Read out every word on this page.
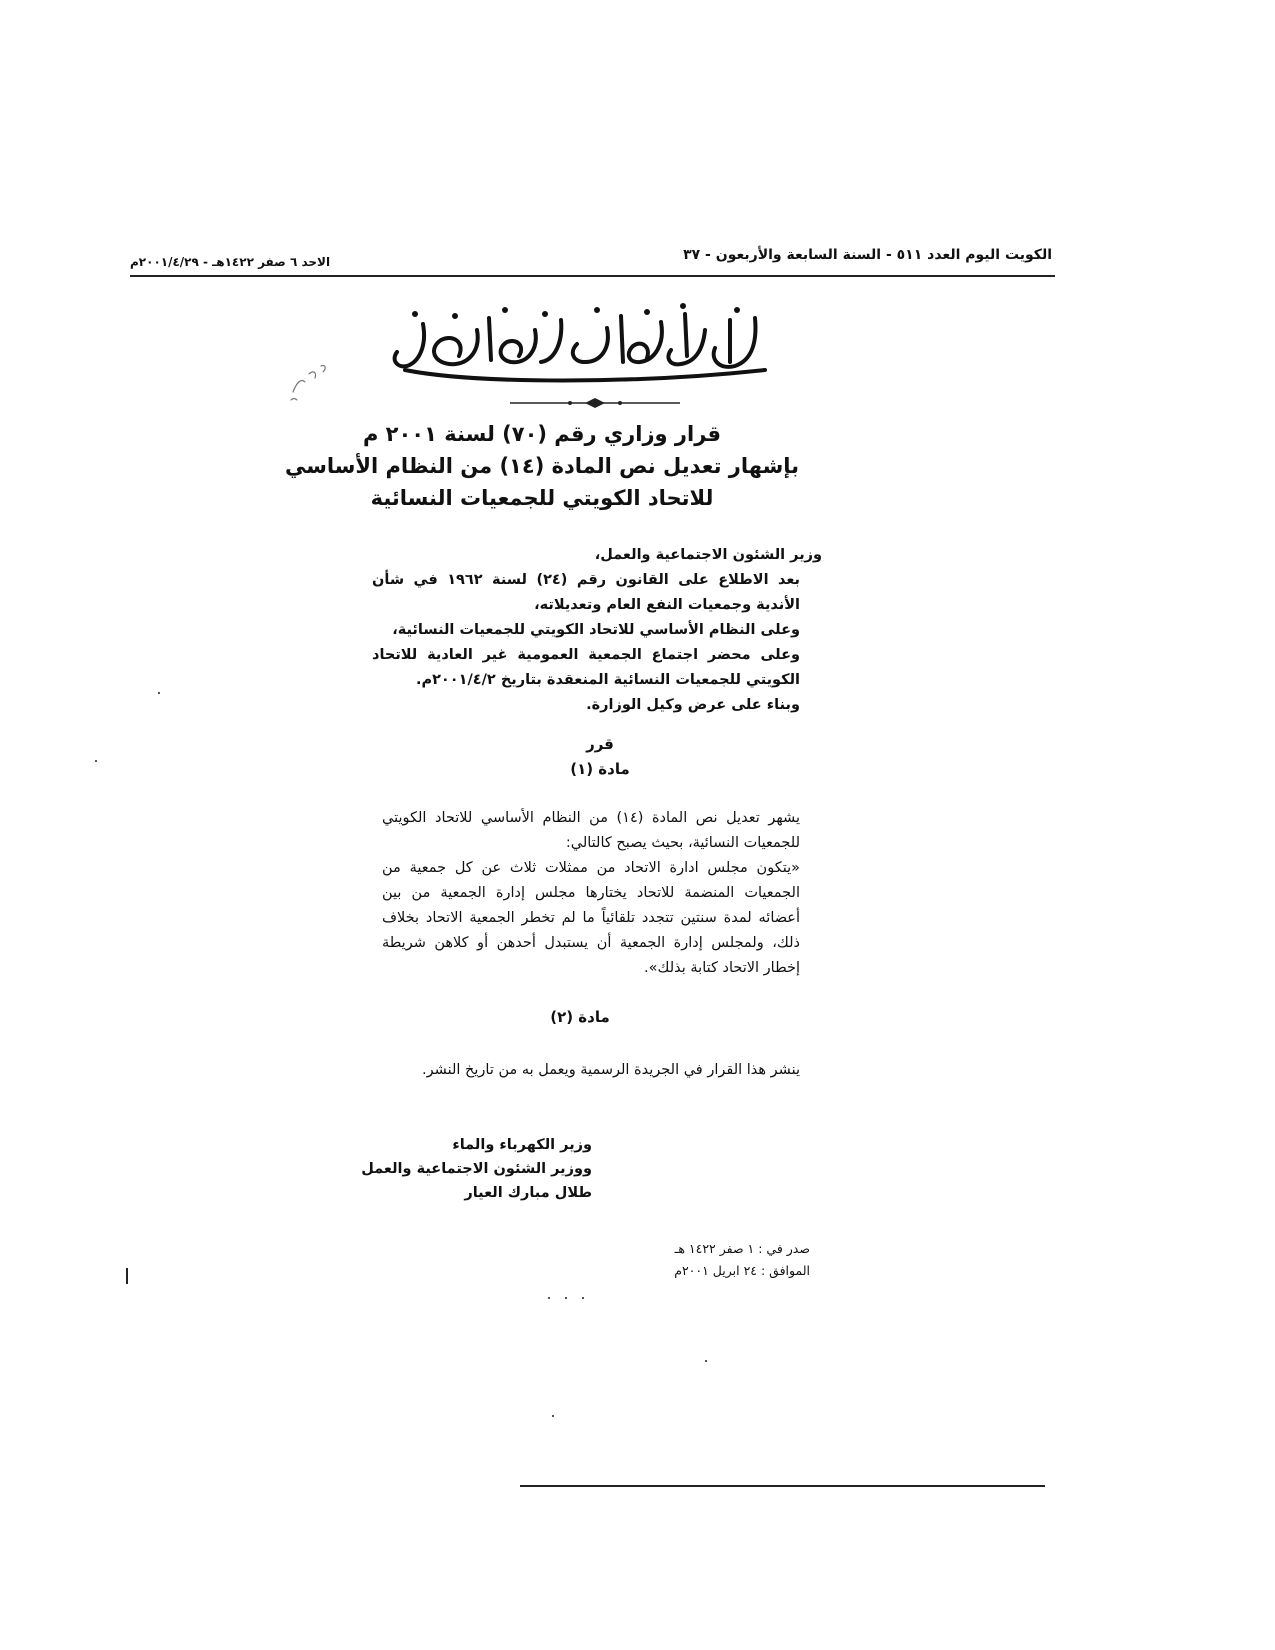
الكويت اليوم العدد ٥١١ - السنة السابعة والأربعون - ٣٧
الاحد ٦ صفر ١٤٢٢هـ - ٢٠٠١/٤/٢٩م
قرار وزاري رقم (٧٠) لسنة ٢٠٠١ م
بإشهار تعديل نص المادة (١٤) من النظام الأساسي
للاتحاد الكويتي للجمعيات النسائية

وزير الشئون الاجتماعية والعمل،

بعد الاطلاع على القانون رقم (٢٤) لسنة ١٩٦٢ في شأن الأندية وجمعيات النفع العام وتعديلاته،

وعلى النظام الأساسي للاتحاد الكويتي للجمعيات النسائية،

وعلى محضر اجتماع الجمعية العمومية غير العادية للاتحاد الكويتي للجمعيات النسائية المنعقدة بتاريخ ٢٠٠١/٤/٢م.

وبناء على عرض وكيل الوزارة.

قرر
مادة (١)

يشهر تعديل نص المادة (١٤) من النظام الأساسي للاتحاد الكويتي للجمعيات النسائية، بحيث يصبح كالتالي:

«يتكون مجلس ادارة الاتحاد من ممثلات ثلاث عن كل جمعية من الجمعيات المنضمة للاتحاد يختارها مجلس إدارة الجمعية من بين أعضائه لمدة سنتين تتجدد تلقائياً ما لم تخطر الجمعية الاتحاد بخلاف ذلك، ولمجلس إدارة الجمعية أن يستبدل أحدهن أو كلاهن شريطة إخطار الاتحاد كتابة بذلك».

مادة (٢)

ينشر هذا القرار في الجريدة الرسمية ويعمل به من تاريخ النشر.

وزير الكهرباء والماء
ووزير الشئون الاجتماعية والعمل
طلال مبارك العيار
صدر في : ١ صفر ١٤٢٢ هـ
الموافق : ٢٤ ابريل ٢٠٠١م
